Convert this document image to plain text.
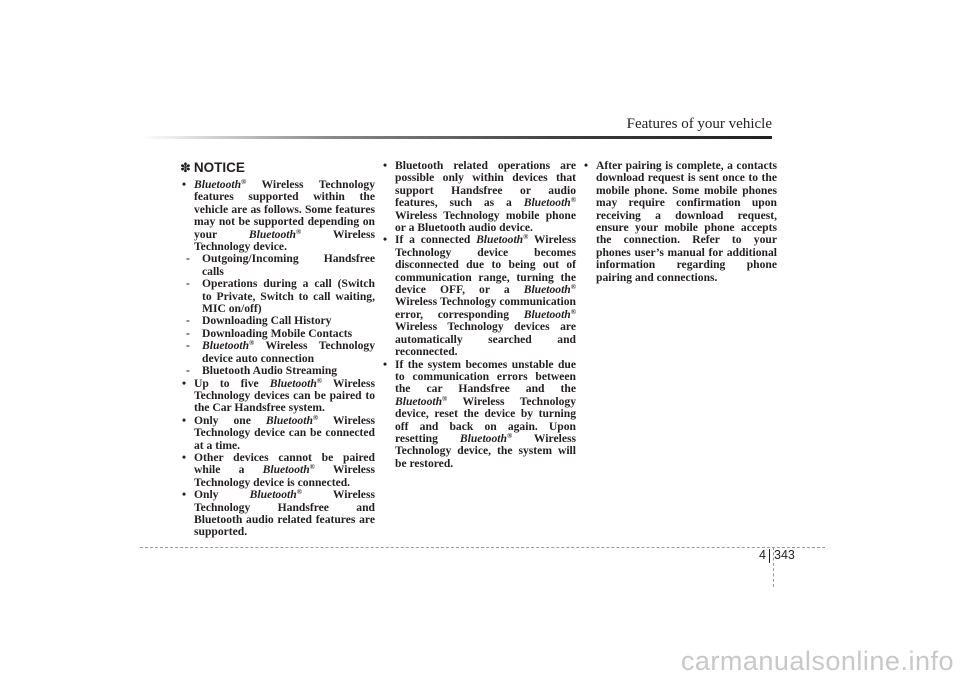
Features of your vehicle
✽ NOTICE
• Bluetooth® Wireless Technology features supported within the vehicle are as follows. Some features may not be supported depending on your Bluetooth® Wireless Technology device.
- Outgoing/Incoming Handsfree calls
- Operations during a call (Switch to Private, Switch to call waiting, MIC on/off)
- Downloading Call History
- Downloading Mobile Contacts
- Bluetooth® Wireless Technology device auto connection
- Bluetooth Audio Streaming
• Up to five Bluetooth® Wireless Technology devices can be paired to the Car Handsfree system.
• Only one Bluetooth® Wireless Technology device can be connected at a time.
• Other devices cannot be paired while a Bluetooth® Wireless Technology device is connected.
• Only Bluetooth® Wireless Technology Handsfree and Bluetooth audio related features are supported.
• Bluetooth related operations are possible only within devices that support Handsfree or audio features, such as a Bluetooth® Wireless Technology mobile phone or a Bluetooth audio device.
• If a connected Bluetooth® Wireless Technology device becomes disconnected due to being out of communication range, turning the device OFF, or a Bluetooth® Wireless Technology communication error, corresponding Bluetooth® Wireless Technology devices are automatically searched and reconnected.
• If the system becomes unstable due to communication errors between the car Handsfree and the Bluetooth® Wireless Technology device, reset the device by turning off and back on again. Upon resetting Bluetooth® Wireless Technology device, the system will be restored.
• After pairing is complete, a contacts download request is sent once to the mobile phone. Some mobile phones may require confirmation upon receiving a download request, ensure your mobile phone accepts the connection. Refer to your phones user’s manual for additional information regarding phone pairing and connections.
4 343
carmanualsonline.info
